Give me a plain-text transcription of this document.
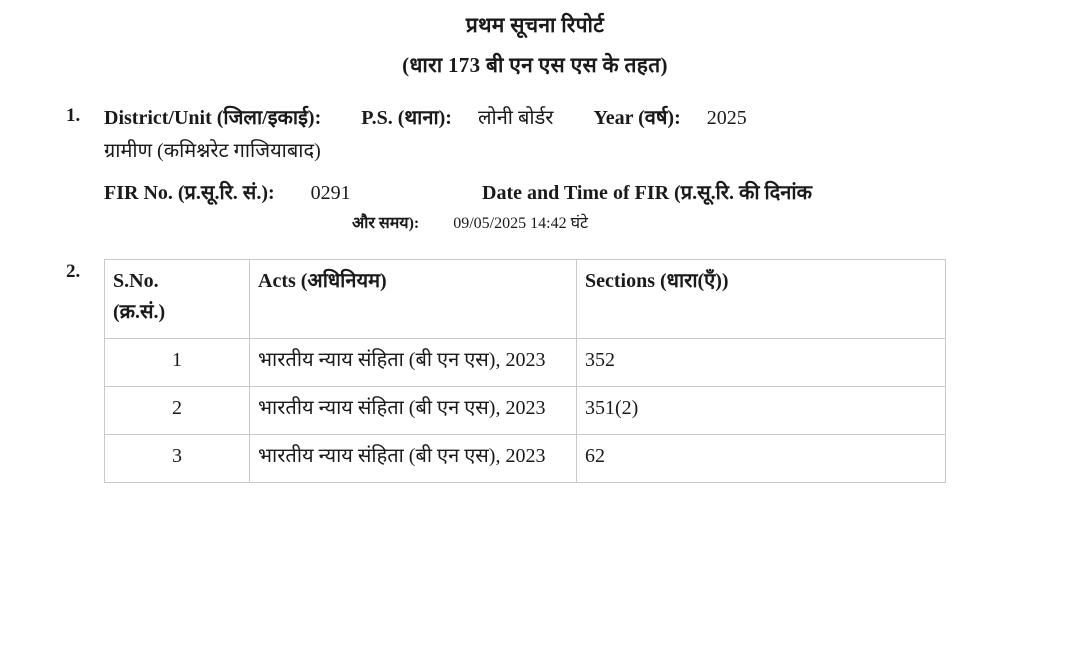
प्रथम सूचना रिपोर्ट
(धारा 173 बी एन एस एस के तहत)
1. District/Unit (जिला/इकाई): P.S. (थाना): लोनी बोर्डर Year (वर्ष): 2025
ग्रामीण (कमिश्नरेट गाजियाबाद)
FIR No. (प्र.सू.रि. सं.): 0291	Date and Time of FIR (प्र.सू.रि. की दिनांक
और समय): 09/05/2025 14:42 घंटे
2. S.No.
(क्र.सं.)	Acts (अधिनियम)	Sections (धारा(एँ))
1	भारतीय न्याय संहिता (बी एन एस), 2023	352
2	भारतीय न्याय संहिता (बी एन एस), 2023	351(2)
3	भारतीय न्याय संहिता (बी एन एस), 2023	62
